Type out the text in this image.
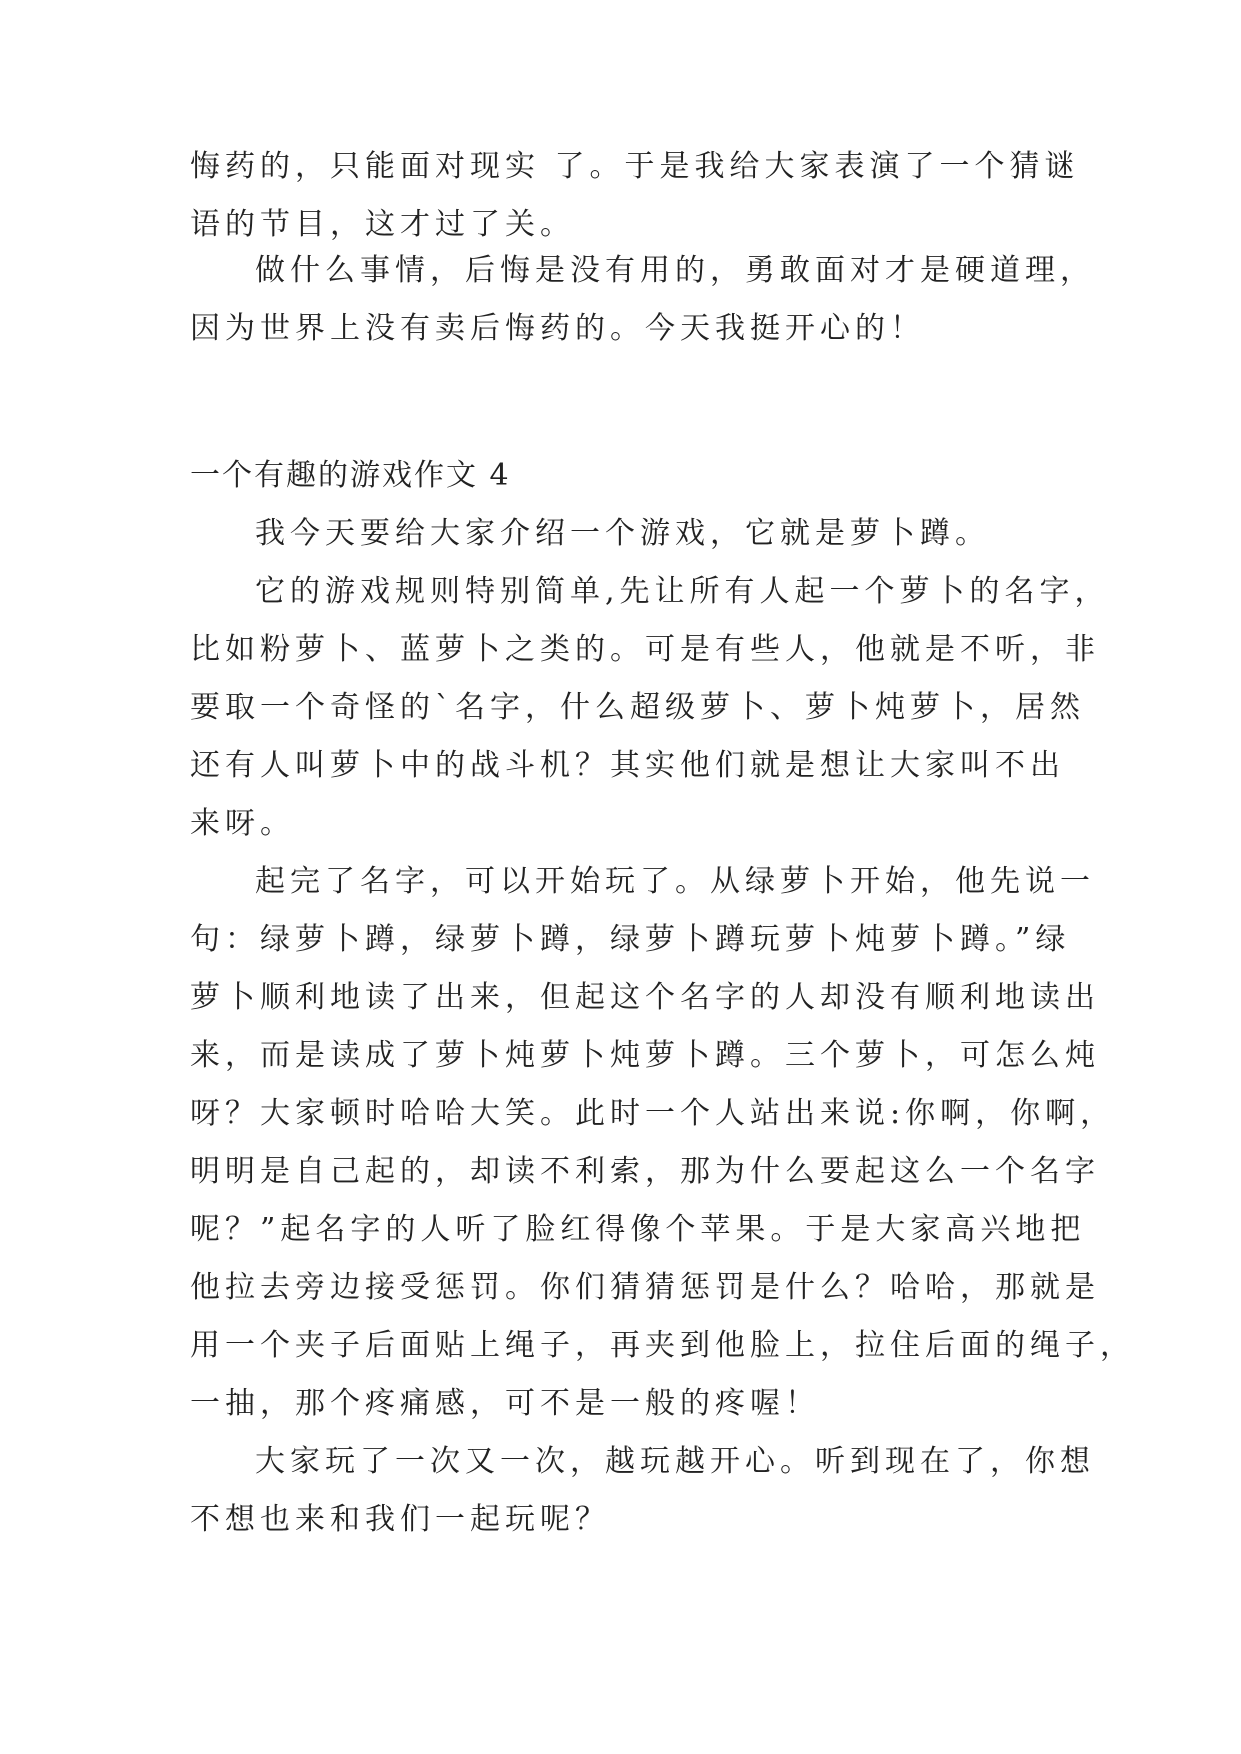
悔药的，只能面对现实 了。于是我给大家表演了一个猜谜
语的节目，这才过了关。
做什么事情，后悔是没有用的，勇敢面对才是硬道理，
因为世界上没有卖后悔药的。今天我挺开心的！
一个有趣的游戏作文 4
我今天要给大家介绍一个游戏，它就是萝卜蹲。
它的游戏规则特别简单,先让所有人起一个萝卜的名字，
比如粉萝卜、蓝萝卜之类的。可是有些人，他就是不听，非
要取一个奇怪的`名字，什么超级萝卜、萝卜炖萝卜，居然
还有人叫萝卜中的战斗机？其实他们就是想让大家叫不出
来呀。
起完了名字，可以开始玩了。从绿萝卜开始，他先说一
句：绿萝卜蹲，绿萝卜蹲，绿萝卜蹲玩萝卜炖萝卜蹲。”绿
萝卜顺利地读了出来，但起这个名字的人却没有顺利地读出
来，而是读成了萝卜炖萝卜炖萝卜蹲。三个萝卜，可怎么炖
呀？大家顿时哈哈大笑。此时一个人站出来说:你啊，你啊，
明明是自己起的，却读不利索，那为什么要起这么一个名字
呢？”起名字的人听了脸红得像个苹果。于是大家高兴地把
他拉去旁边接受惩罚。你们猜猜惩罚是什么？哈哈，那就是
用一个夹子后面贴上绳子，再夹到他脸上，拉住后面的绳子，
一抽，那个疼痛感，可不是一般的疼喔！
大家玩了一次又一次，越玩越开心。听到现在了，你想
不想也来和我们一起玩呢？
